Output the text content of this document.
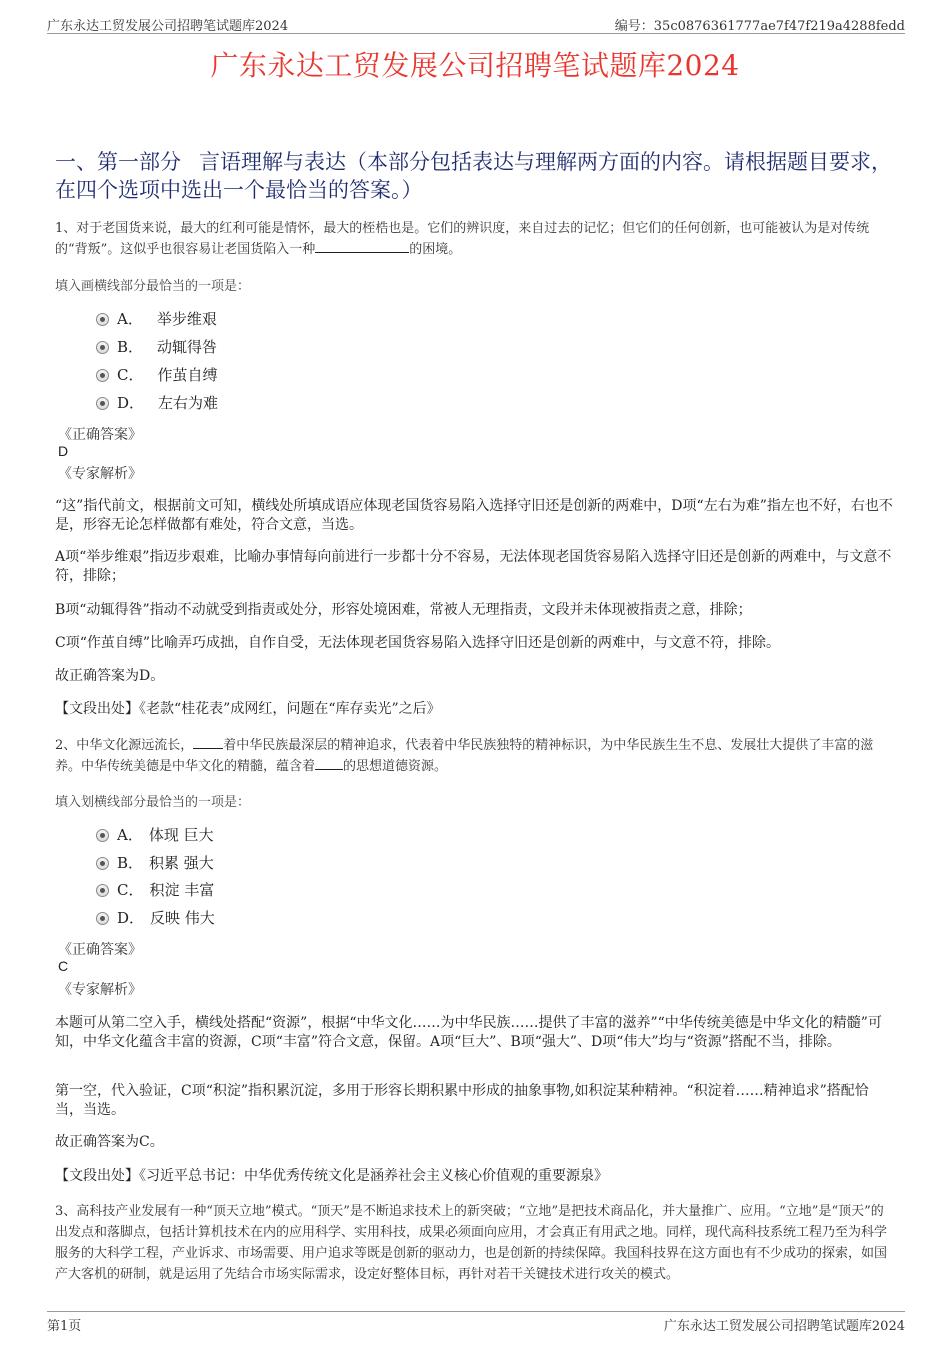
广东永达工贸发展公司招聘笔试题库2024	编号：35c0876361777ae7f47f219a4288fedd
广东永达工贸发展公司招聘笔试题库2024
一、第一部分 言语理解与表达（本部分包括表达与理解两方面的内容。请根据题目要求，在四个选项中选出一个最恰当的答案。）
1、对于老国货来说，最大的红利可能是情怀，最大的桎梏也是。它们的辨识度，来自过去的记忆；但它们的任何创新，也可能被认为是对传统的“背叛”。这似乎也很容易让老国货陷入一种	的困境。
填入画横线部分最恰当的一项是：
A． 举步维艰
B． 动辄得咎
C． 作茧自缚
D． 左右为难
《正确答案》
D
《专家解析》
“这”指代前文，根据前文可知，横线处所填成语应体现老国货容易陷入选择守旧还是创新的两难中，D项“左右为难”指左也不好，右也不是，形容无论怎样做都有难处，符合文意，当选。
A项“举步维艰”指迈步艰难，比喻办事情每向前进行一步都十分不容易，无法体现老国货容易陷入选择守旧还是创新的两难中，与文意不符，排除；
B项“动辄得咎”指动不动就受到指责或处分，形容处境困难，常被人无理指责，文段并未体现被指责之意，排除；
C项“作茧自缚”比喻弄巧成拙，自作自受，无法体现老国货容易陷入选择守旧还是创新的两难中，与文意不符，排除。
故正确答案为D。
【文段出处】《老款“桂花表”成网红，问题在“库存卖光”之后》
2、中华文化源远流长， 着中华民族最深层的精神追求，代表着中华民族独特的精神标识，为中华民族生生不息、发展壮大提供了丰富的滋养。中华传统美德是中华文化的精髓，蕴含着 的思想道德资源。
填入划横线部分最恰当的一项是：
A． 体现 巨大
B． 积累 强大
C． 积淀 丰富
D． 反映 伟大
《正确答案》
C
《专家解析》
本题可从第二空入手，横线处搭配“资源”，根据“中华文化……为中华民族……提供了丰富的滋养”“中华传统美德是中华文化的精髓”可知，中华文化蕴含丰富的资源，C项“丰富”符合文意，保留。A项“巨大”、B项“强大”、D项“伟大”均与“资源”搭配不当，排除。
第一空，代入验证，C项“积淀”指积累沉淀，多用于形容长期积累中形成的抽象事物,如积淀某种精神。“积淀着……精神追求”搭配恰当，当选。
故正确答案为C。
【文段出处】《习近平总书记：中华优秀传统文化是涵养社会主义核心价值观的重要源泉》
3、高科技产业发展有一种“顶天立地”模式。“顶天”是不断追求技术上的新突破；“立地”是把技术商品化，并大量推广、应用。“立地”是“顶天”的出发点和落脚点，包括计算机技术在内的应用科学、实用科技，成果必须面向应用，才会真正有用武之地。同样，现代高科技系统工程乃至为科学服务的大科学工程，产业诉求、市场需要、用户追求等既是创新的驱动力，也是创新的持续保障。我国科技界在这方面也有不少成功的探索，如国产大客机的研制，就是运用了先结合市场实际需求，设定好整体目标，再针对若干关键技术进行攻关的模式。
第1页	广东永达工贸发展公司招聘笔试题库2024
